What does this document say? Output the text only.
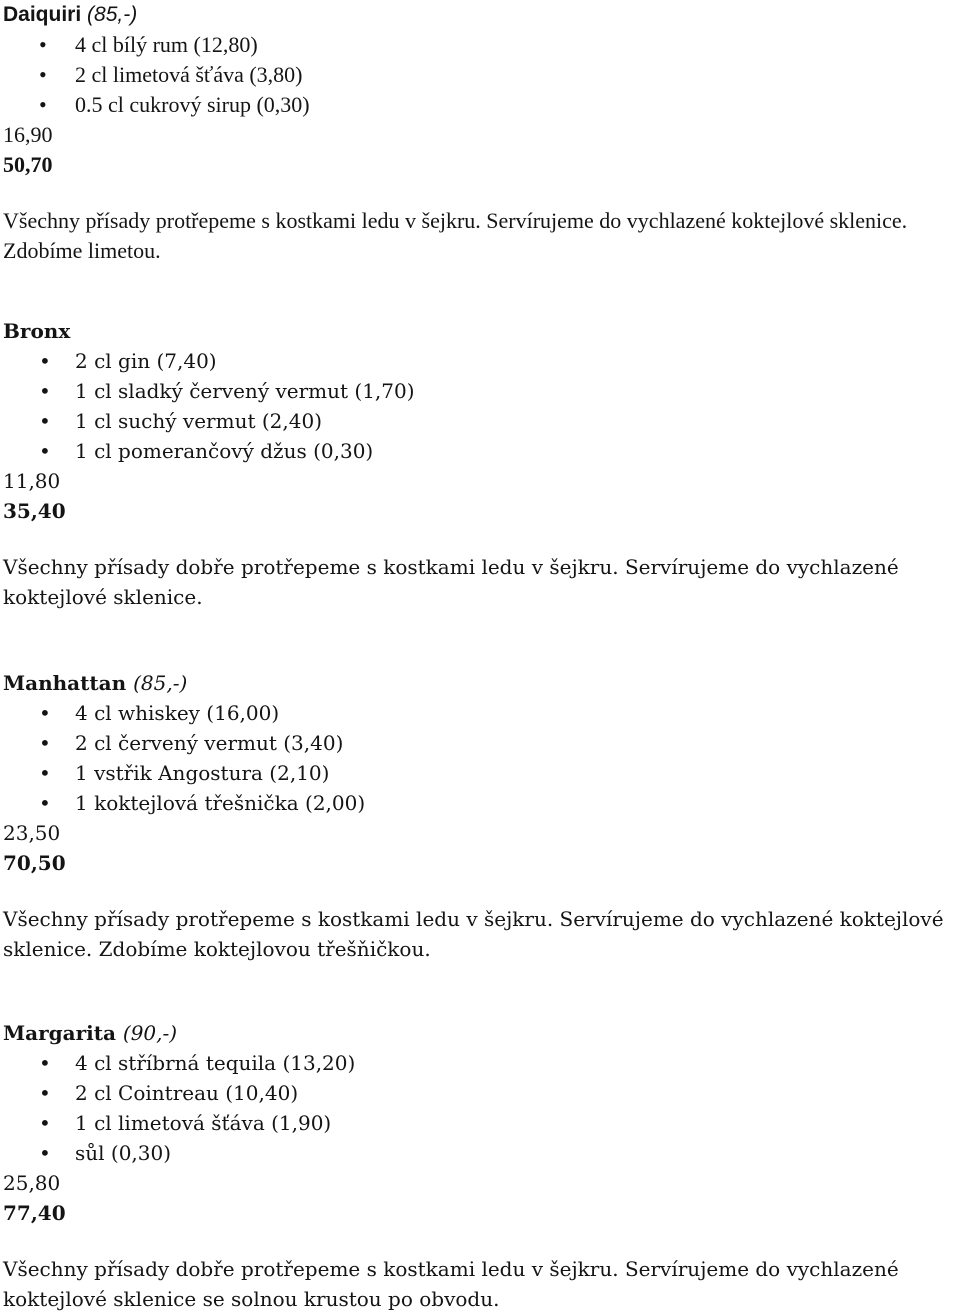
Daiquiri (85,-)
• 4 cl bílý rum (12,80)
• 2 cl limetová šťáva (3,80)
• 0.5 cl cukrový sirup (0,30)
16,90
50,70
Všechny přísady protřepeme s kostkami ledu v šejkru. Servírujeme do vychlazené koktejlové sklenice. Zdobíme limetou.
Bronx
• 2 cl gin (7,40)
• 1 cl sladký červený vermut (1,70)
• 1 cl suchý vermut (2,40)
• 1 cl pomerančový džus (0,30)
11,80
35,40
Všechny přísady dobře protřepeme s kostkami ledu v šejkru. Servírujeme do vychlazené koktejlové sklenice.
Manhattan (85,-)
• 4 cl whiskey (16,00)
• 2 cl červený vermut (3,40)
• 1 vstřik Angostura (2,10)
• 1 koktejlová třešnička (2,00)
23,50
70,50
Všechny přísady protřepeme s kostkami ledu v šejkru. Servírujeme do vychlazené koktejlové sklenice. Zdobíme koktejlovou třešňičkou.
Margarita (90,-)
• 4 cl stříbrná tequila (13,20)
• 2 cl Cointreau (10,40)
• 1 cl limetová šťáva (1,90)
• sůl (0,30)
25,80
77,40
Všechny přísady dobře protřepeme s kostkami ledu v šejkru. Servírujeme do vychlazené koktejlové sklenice se solnou krustou po obvodu.
